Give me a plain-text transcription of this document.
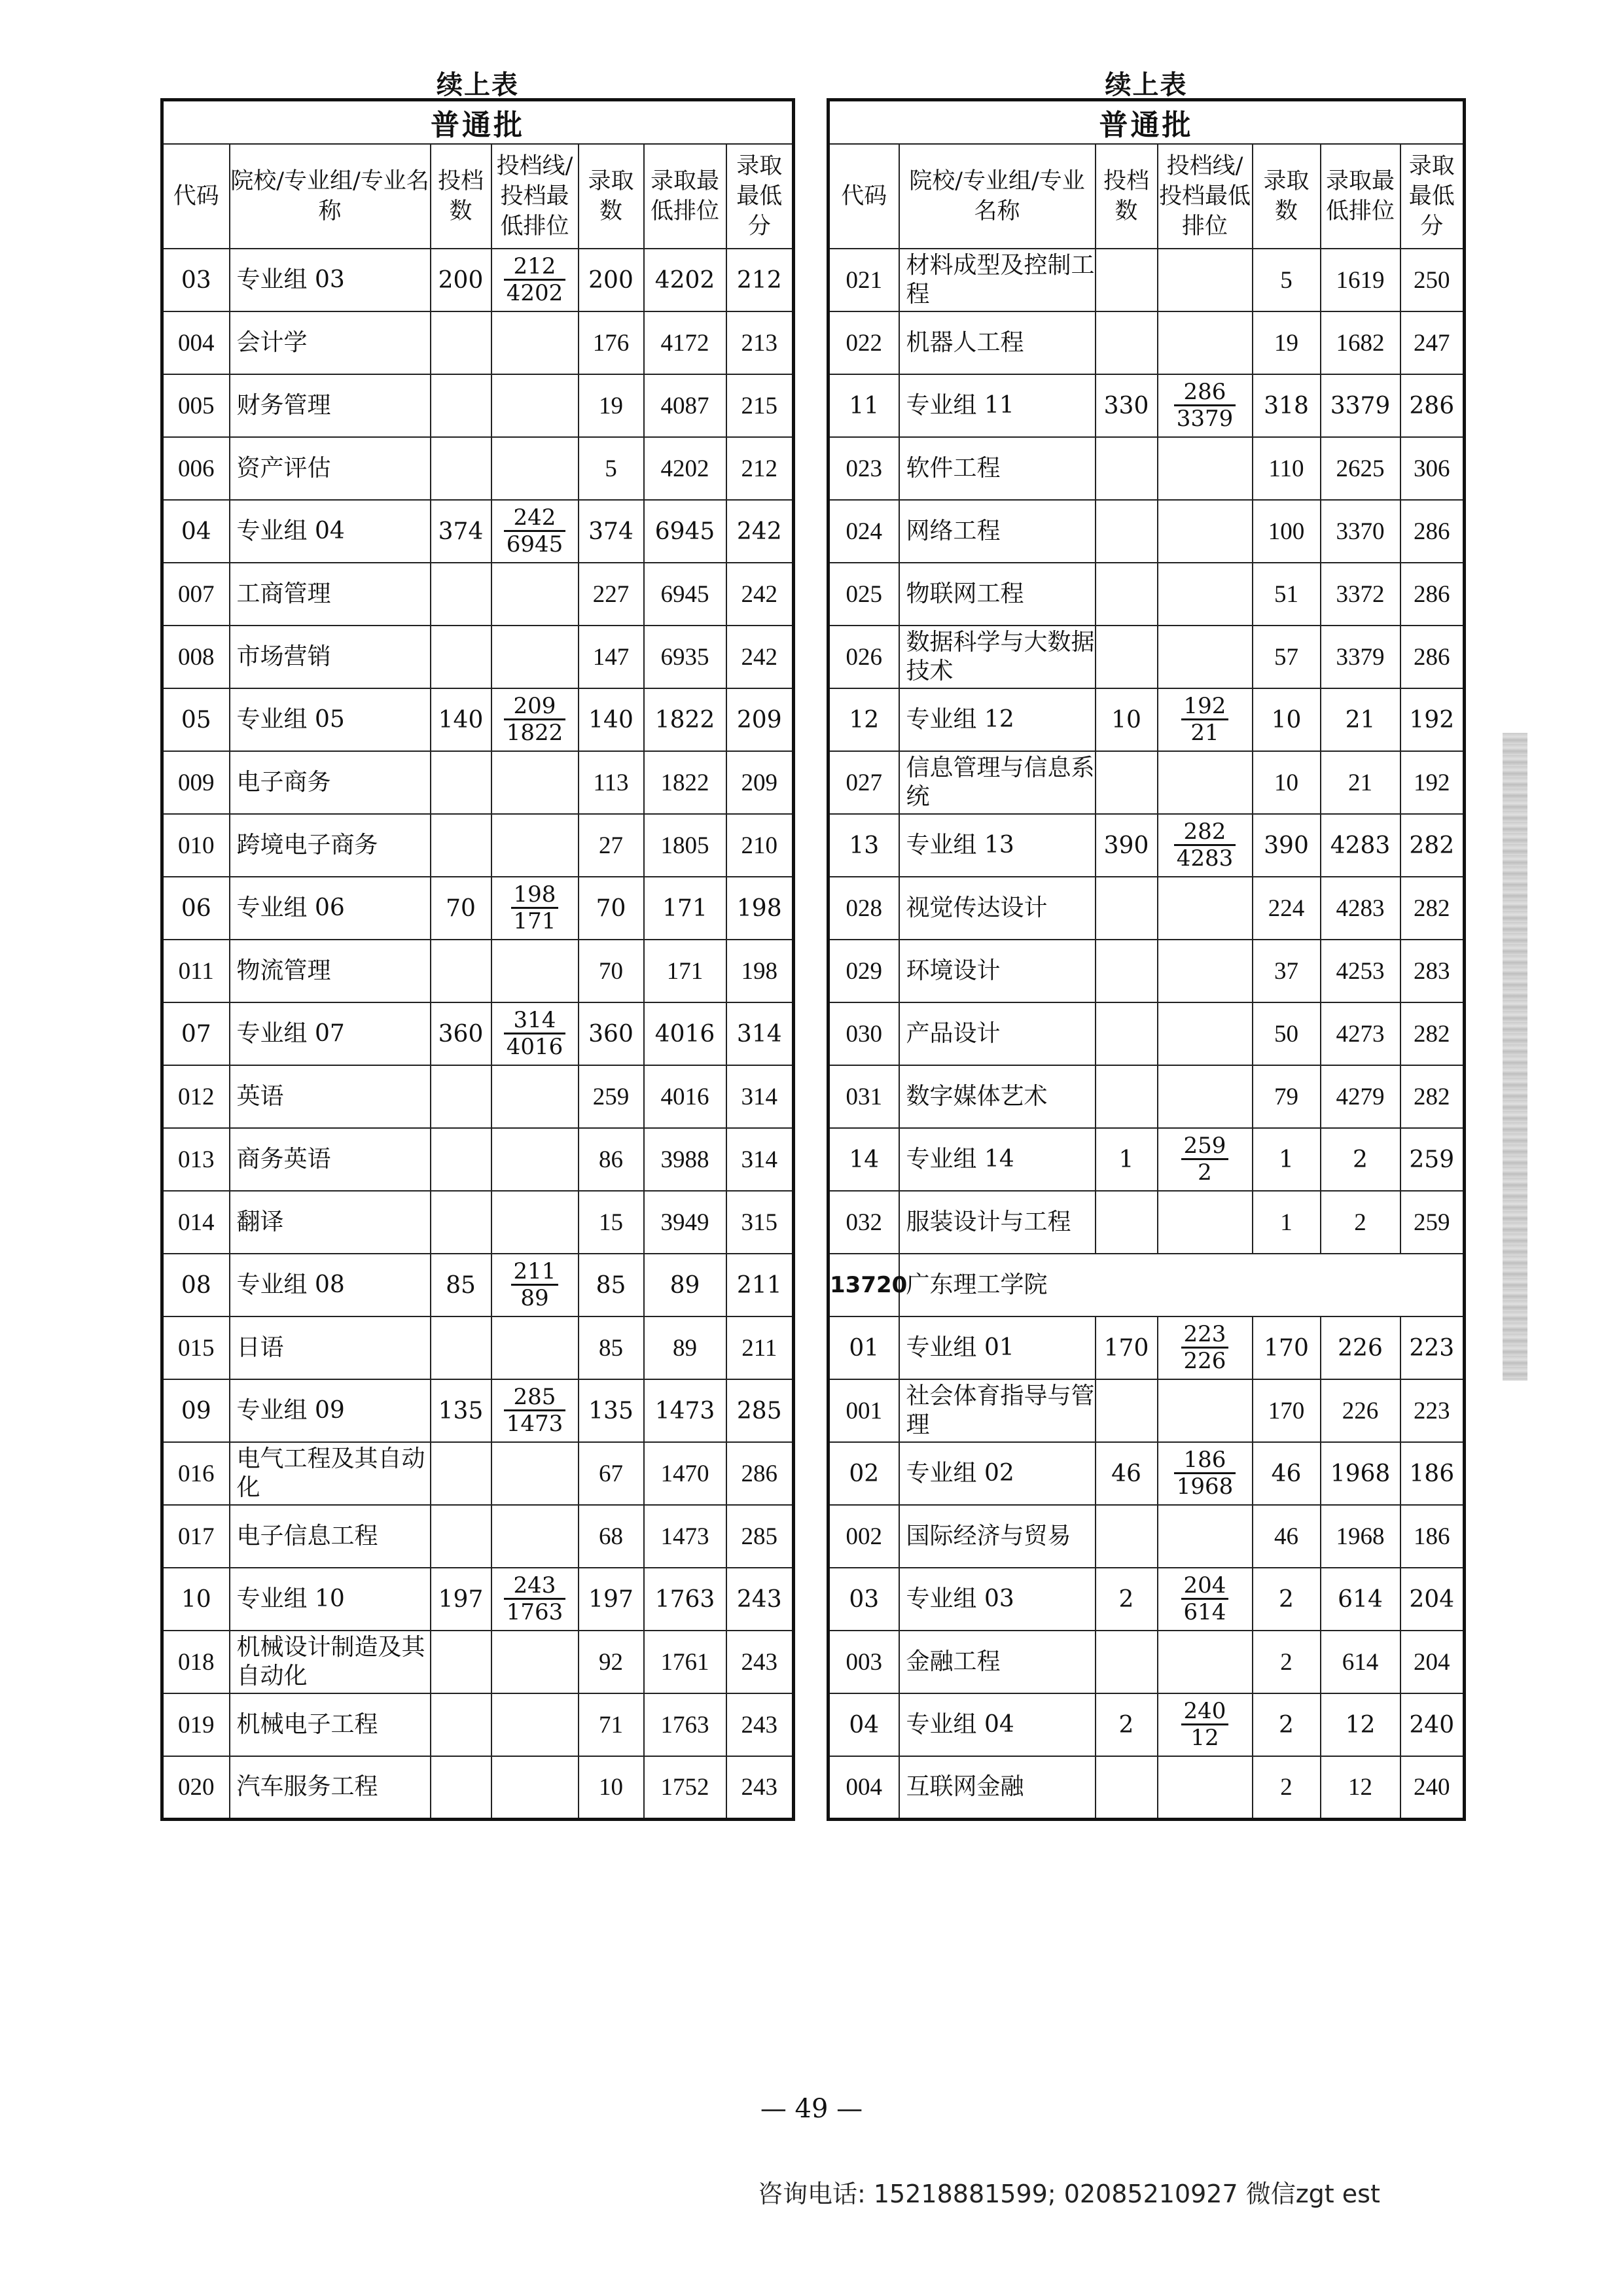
续上表
普通批						
代码	院校/专业组/专业名称	投档数	投档线/投档最低排位	录取数	录取最低排位	录取最低分
03	专业组 03	200	$\frac{212}{4202}$	200	4202	212
004	会计学			176	4172	213
005	财务管理			19	4087	215
006	资产评估			5	4202	212
04	专业组 04	374	$\frac{242}{6945}$	374	6945	242
007	工商管理			227	6945	242
008	市场营销			147	6935	242
05	专业组 05	140	$\frac{209}{1822}$	140	1822	209
009	电子商务			113	1822	209
010	跨境电子商务			27	1805	210
06	专业组 06	70	$\frac{198}{171}$	70	171	198
011	物流管理			70	171	198
07	专业组 07	360	$\frac{314}{4016}$	360	4016	314
012	英语			259	4016	314
013	商务英语			86	3988	314
014	翻译			15	3949	315
08	专业组 08	85	$\frac{211}{89}$	85	89	211
015	日语			85	89	211
09	专业组 09	135	$\frac{285}{1473}$	135	1473	285
016	电气工程及其自动化			67	1470	286
017	电子信息工程			68	1473	285
10	专业组 10	197	$\frac{243}{1763}$	197	1763	243
018	机械设计制造及其自动化			92	1761	243
019	机械电子工程			71	1763	243
020	汽车服务工程			10	1752	243
续上表
普通批						
代码	院校/专业组/专业名称	投档数	投档线/投档最低排位	录取数	录取最低排位	录取最低分
021	材料成型及控制工程			5	1619	250
022	机器人工程			19	1682	247
11	专业组 11	330	$\frac{286}{3379}$	318	3379	286
023	软件工程			110	2625	306
024	网络工程			100	3370	286
025	物联网工程			51	3372	286
026	数据科学与大数据技术			57	3379	286
12	专业组 12	10	$\frac{192}{21}$	10	21	192
027	信息管理与信息系统			10	21	192
13	专业组 13	390	$\frac{282}{4283}$	390	4283	282
028	视觉传达设计			224	4283	282
029	环境设计			37	4253	283
030	产品设计			50	4273	282
031	数字媒体艺术			79	4279	282
14	专业组 14	1	$\frac{259}{2}$	1	2	259
032	服装设计与工程			1	2	259
13720	广东理工学院					
01	专业组 01	170	$\frac{223}{226}$	170	226	223
001	社会体育指导与管理			170	226	223
02	专业组 02	46	$\frac{186}{1968}$	46	1968	186
002	国际经济与贸易			46	1968	186
03	专业组 03	2	$\frac{204}{614}$	2	614	204
003	金融工程			2	614	204
04	专业组 04	2	$\frac{240}{12}$	2	12	240
004	互联网金融			2	12	240
— 49 —
咨询电话: 15218881599; 02085210927 微信zgt est
